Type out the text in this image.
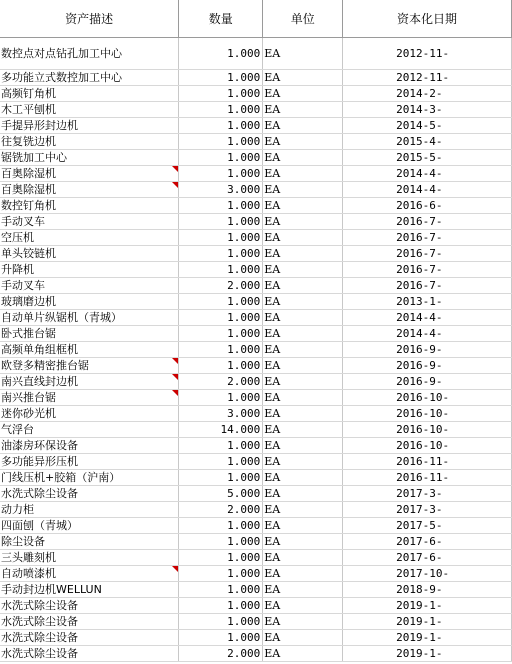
资产描述	数量	单位	资本化日期
数控点对点钻孔加工中心	1.000	EA	2012-11-
多功能立式数控加工中心	1.000	EA	2012-11-
高频钉角机	1.000	EA	2014-2-
木工平刨机	1.000	EA	2014-3-
手提异形封边机	1.000	EA	2014-5-
往复铣边机	1.000	EA	2015-4-
锯铣加工中心	1.000	EA	2015-5-
百奥除湿机	1.000	EA	2014-4-
百奥除湿机	3.000	EA	2014-4-
数控钉角机	1.000	EA	2016-6-
手动叉车	1.000	EA	2016-7-
空压机	1.000	EA	2016-7-
单头铰链机	1.000	EA	2016-7-
升降机	1.000	EA	2016-7-
手动叉车	2.000	EA	2016-7-
玻璃磨边机	1.000	EA	2013-1-
自动单片纵锯机（青城）	1.000	EA	2014-4-
卧式推台锯	1.000	EA	2014-4-
高频单角组框机	1.000	EA	2016-9-
欧登多精密推台锯	1.000	EA	2016-9-
南兴直线封边机	2.000	EA	2016-9-
南兴推台锯	1.000	EA	2016-10-
迷你砂光机	3.000	EA	2016-10-
气浮台	14.000	EA	2016-10-
油漆房环保设备	1.000	EA	2016-10-
多功能异形压机	1.000	EA	2016-11-
门线压机+胶箱（沪南）	1.000	EA	2016-11-
水洗式除尘设备	5.000	EA	2017-3-
动力柜	2.000	EA	2017-3-
四面刨（青城）	1.000	EA	2017-5-
除尘设备	1.000	EA	2017-6-
三头雕刻机	1.000	EA	2017-6-
自动喷漆机	1.000	EA	2017-10-
手动封边机WELLUN	1.000	EA	2018-9-
水洗式除尘设备	1.000	EA	2019-1-
水洗式除尘设备	1.000	EA	2019-1-
水洗式除尘设备	1.000	EA	2019-1-
水洗式除尘设备	2.000	EA	2019-1-
